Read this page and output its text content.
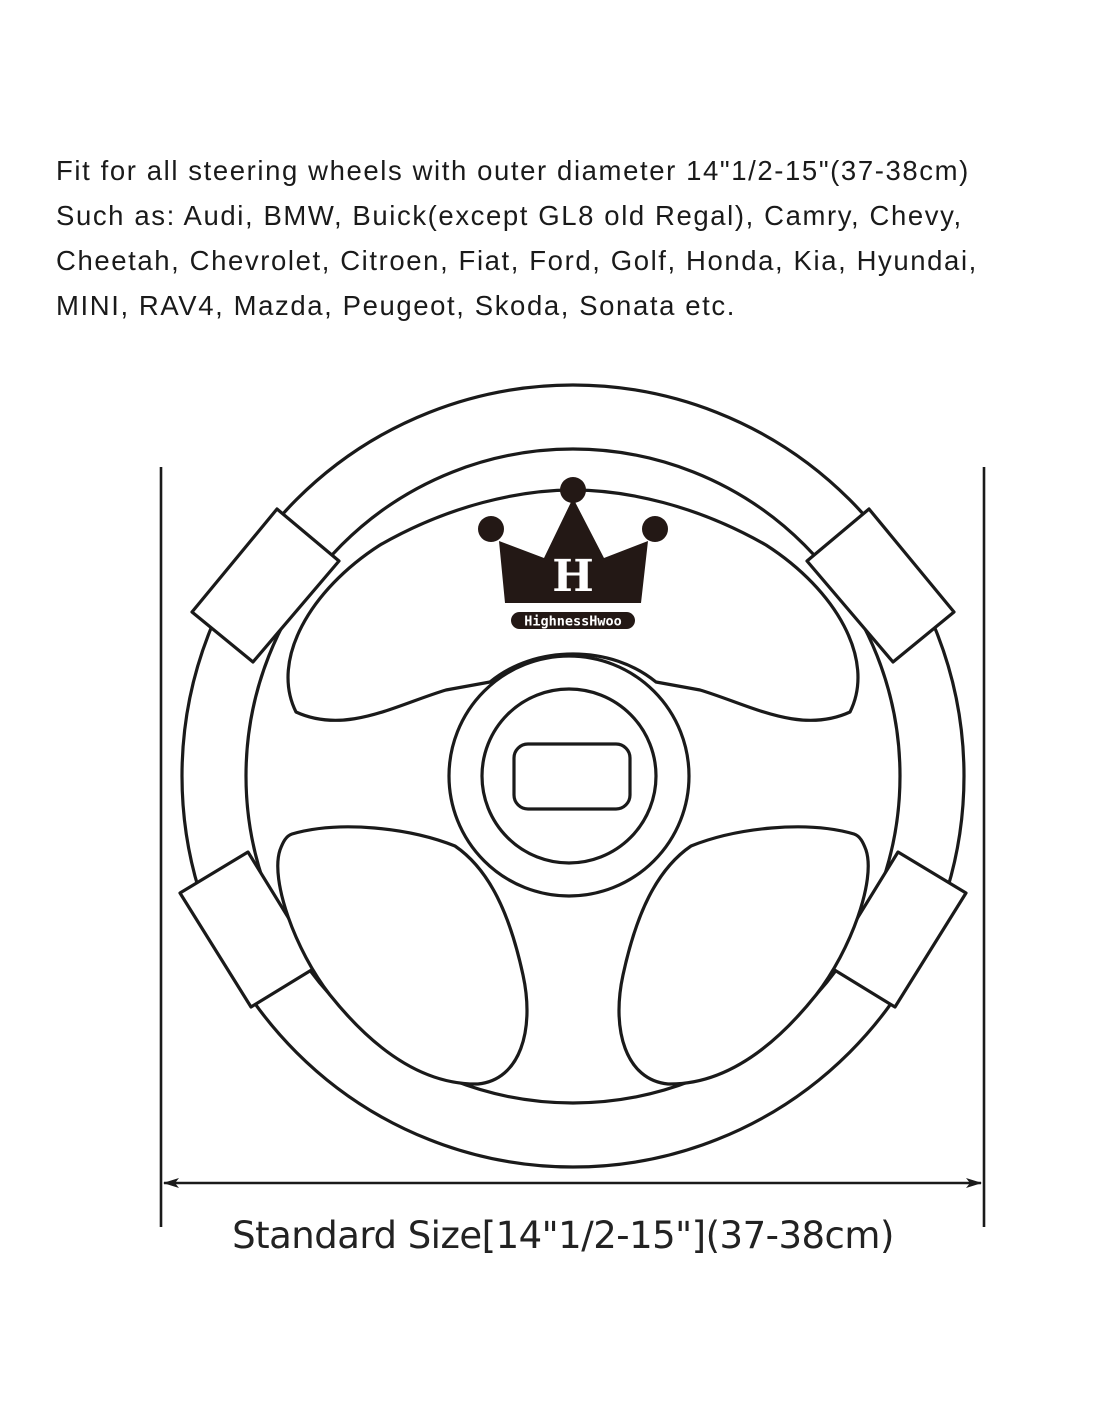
Fit for all steering wheels with outer diameter 14"1/2-15"(37-38cm)
Such as: Audi, BMW, Buick(except GL8 old Regal), Camry, Chevy,
Cheetah, Chevrolet, Citroen, Fiat, Ford, Golf, Honda, Kia, Hyundai,
MINI, RAV4, Mazda, Peugeot, Skoda, Sonata etc.
H
HighnessHwoo

Standard Size[14"1/2-15"](37-38cm)
